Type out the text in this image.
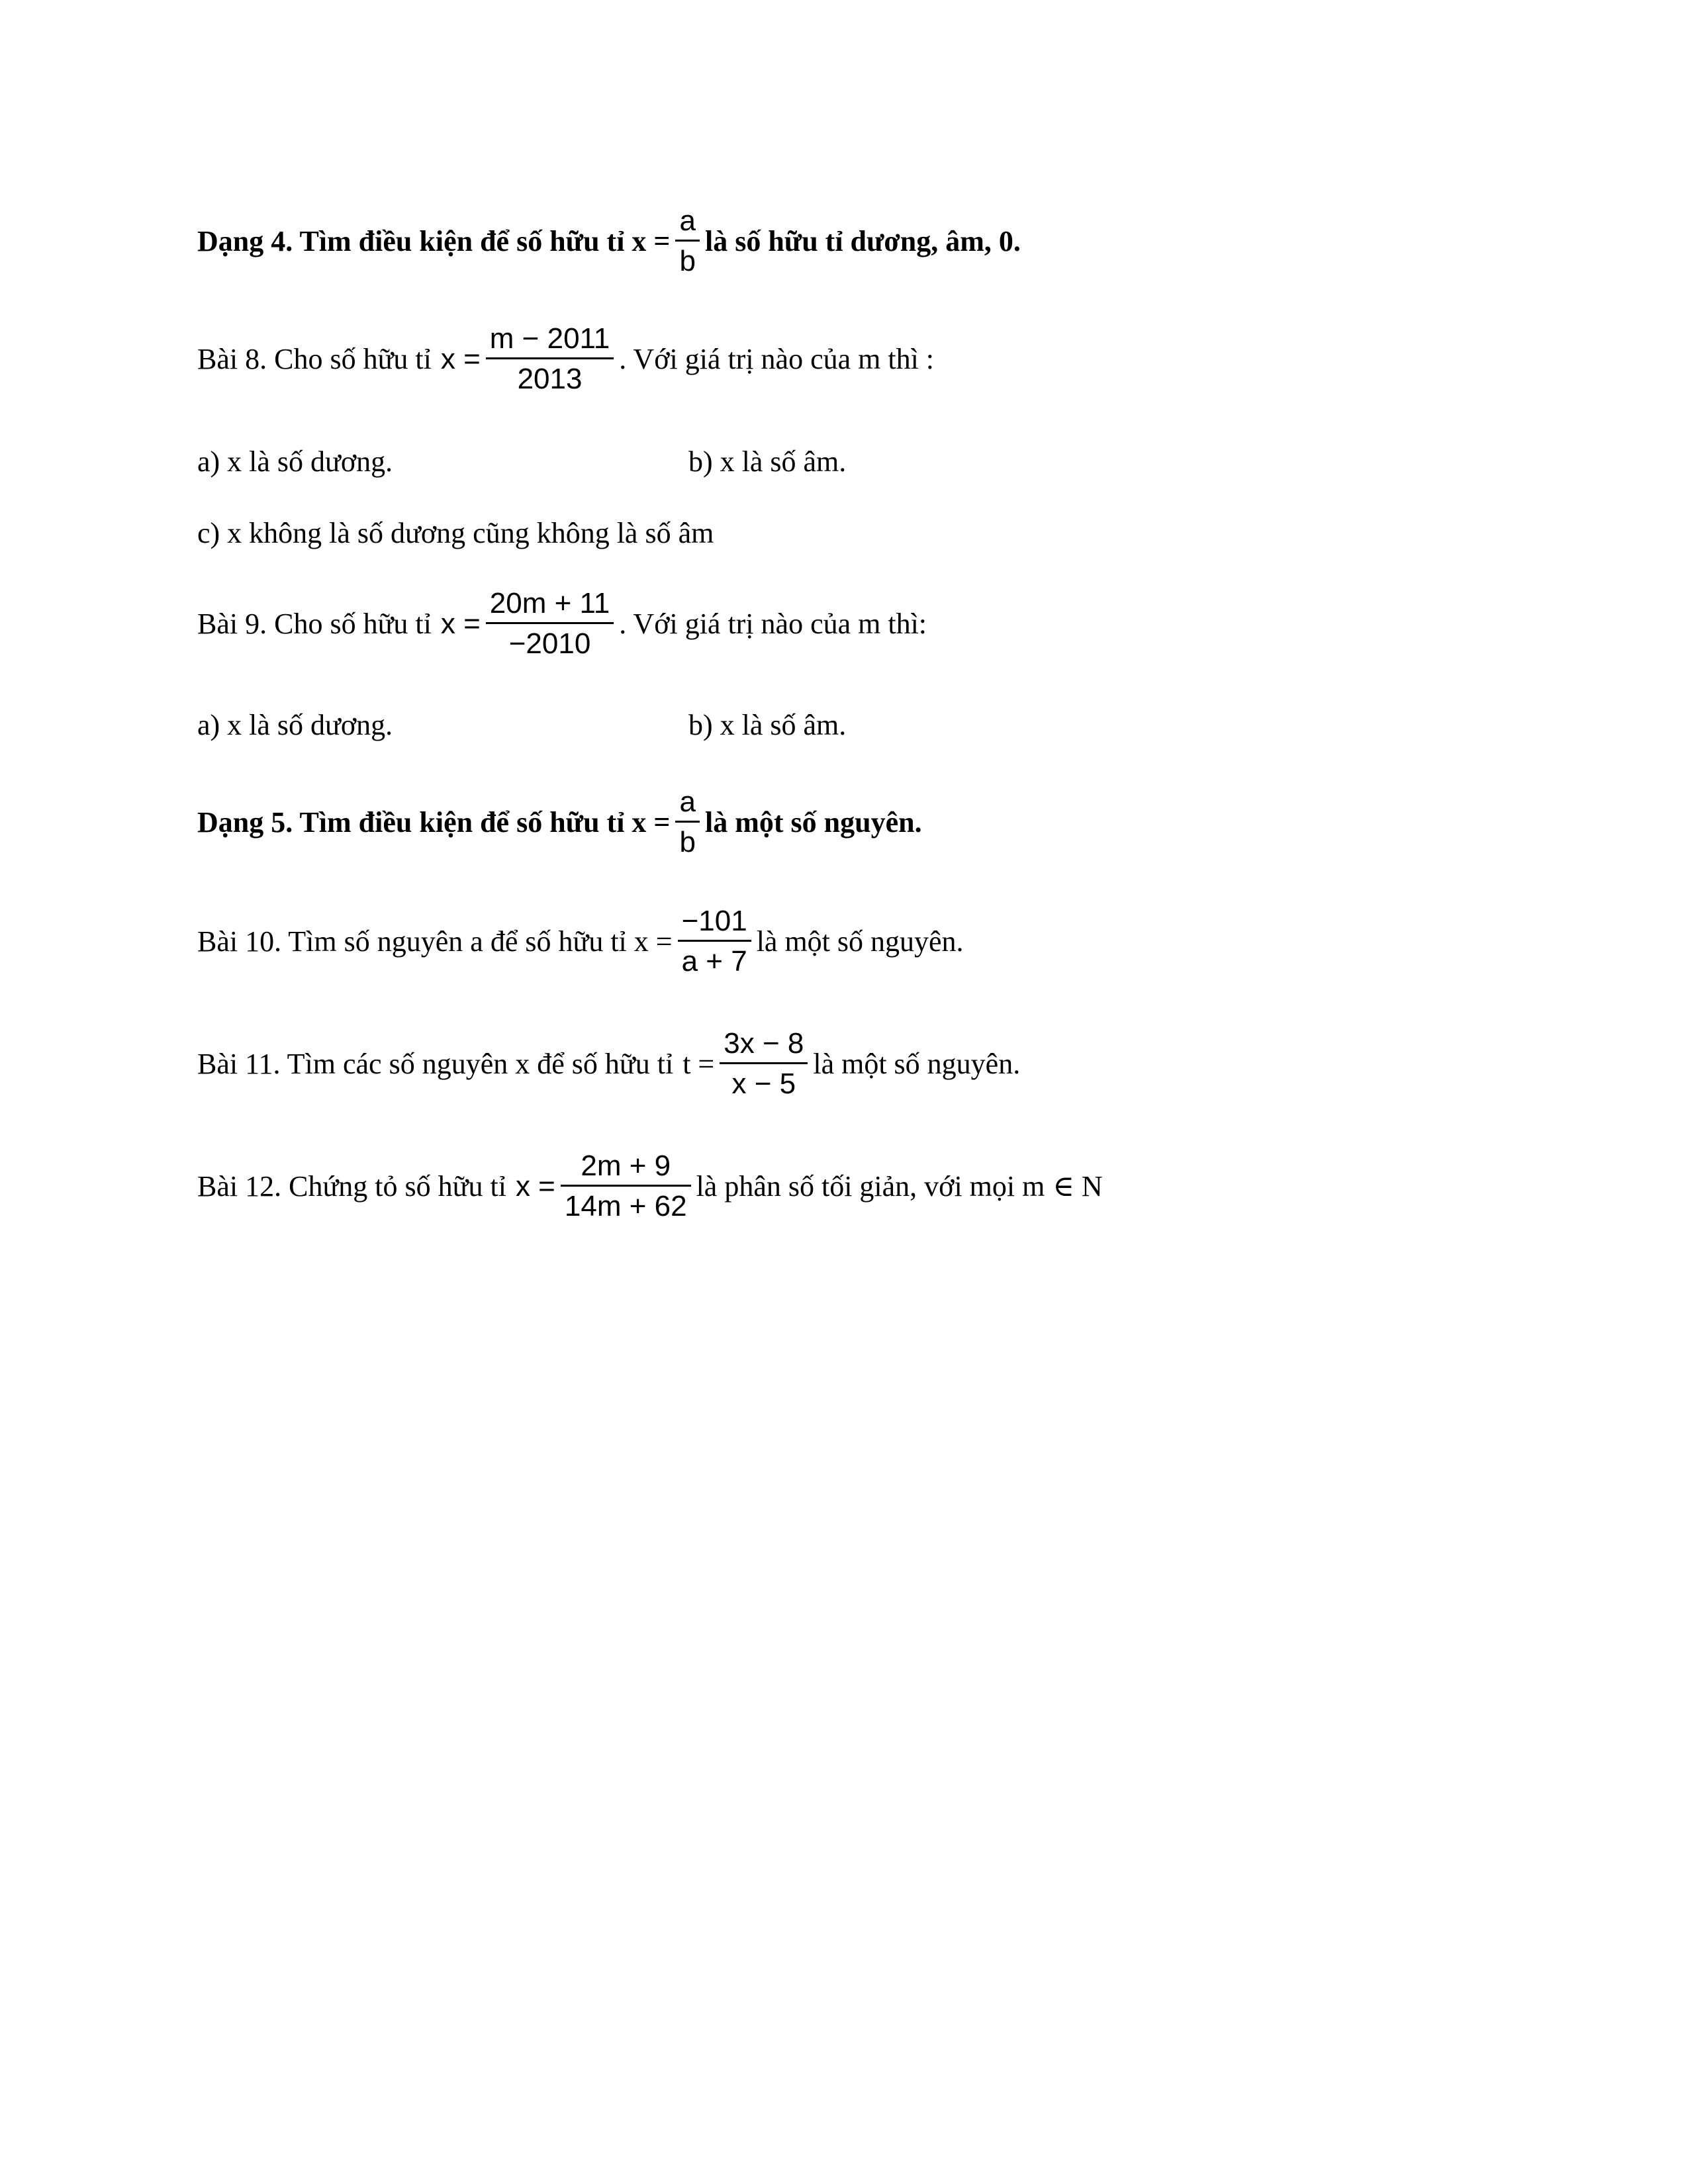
Dạng 4. Tìm điều kiện để số hữu tỉ $x = \frac{a}{b}$ là số hữu tỉ dương, âm, 0.
Bài 8. Cho số hữu tỉ $x = \frac{m - 2011}{2013}$ . Với giá trị nào của m thì :
a) x là số dương.	b) x là số âm.
c) x không là số dương cũng không là số âm
Bài 9. Cho số hữu tỉ $x = \frac{20m + 11}{-2010}$ . Với giá trị nào của m thì:
a) x là số dương.	b) x là số âm.
Dạng 5. Tìm điều kiện để số hữu tỉ $x = \frac{a}{b}$ là một số nguyên.
Bài 10. Tìm số nguyên a để số hữu tỉ $x = \frac{-101}{a + 7}$ là một số nguyên.
Bài 11. Tìm các số nguyên x để số hữu tỉ $t = \frac{3x - 8}{x - 5}$ là một số nguyên.
Bài 12. Chứng tỏ số hữu tỉ $x = \frac{2m + 9}{14m + 62}$ là phân số tối giản, với mọi m ∈ N
